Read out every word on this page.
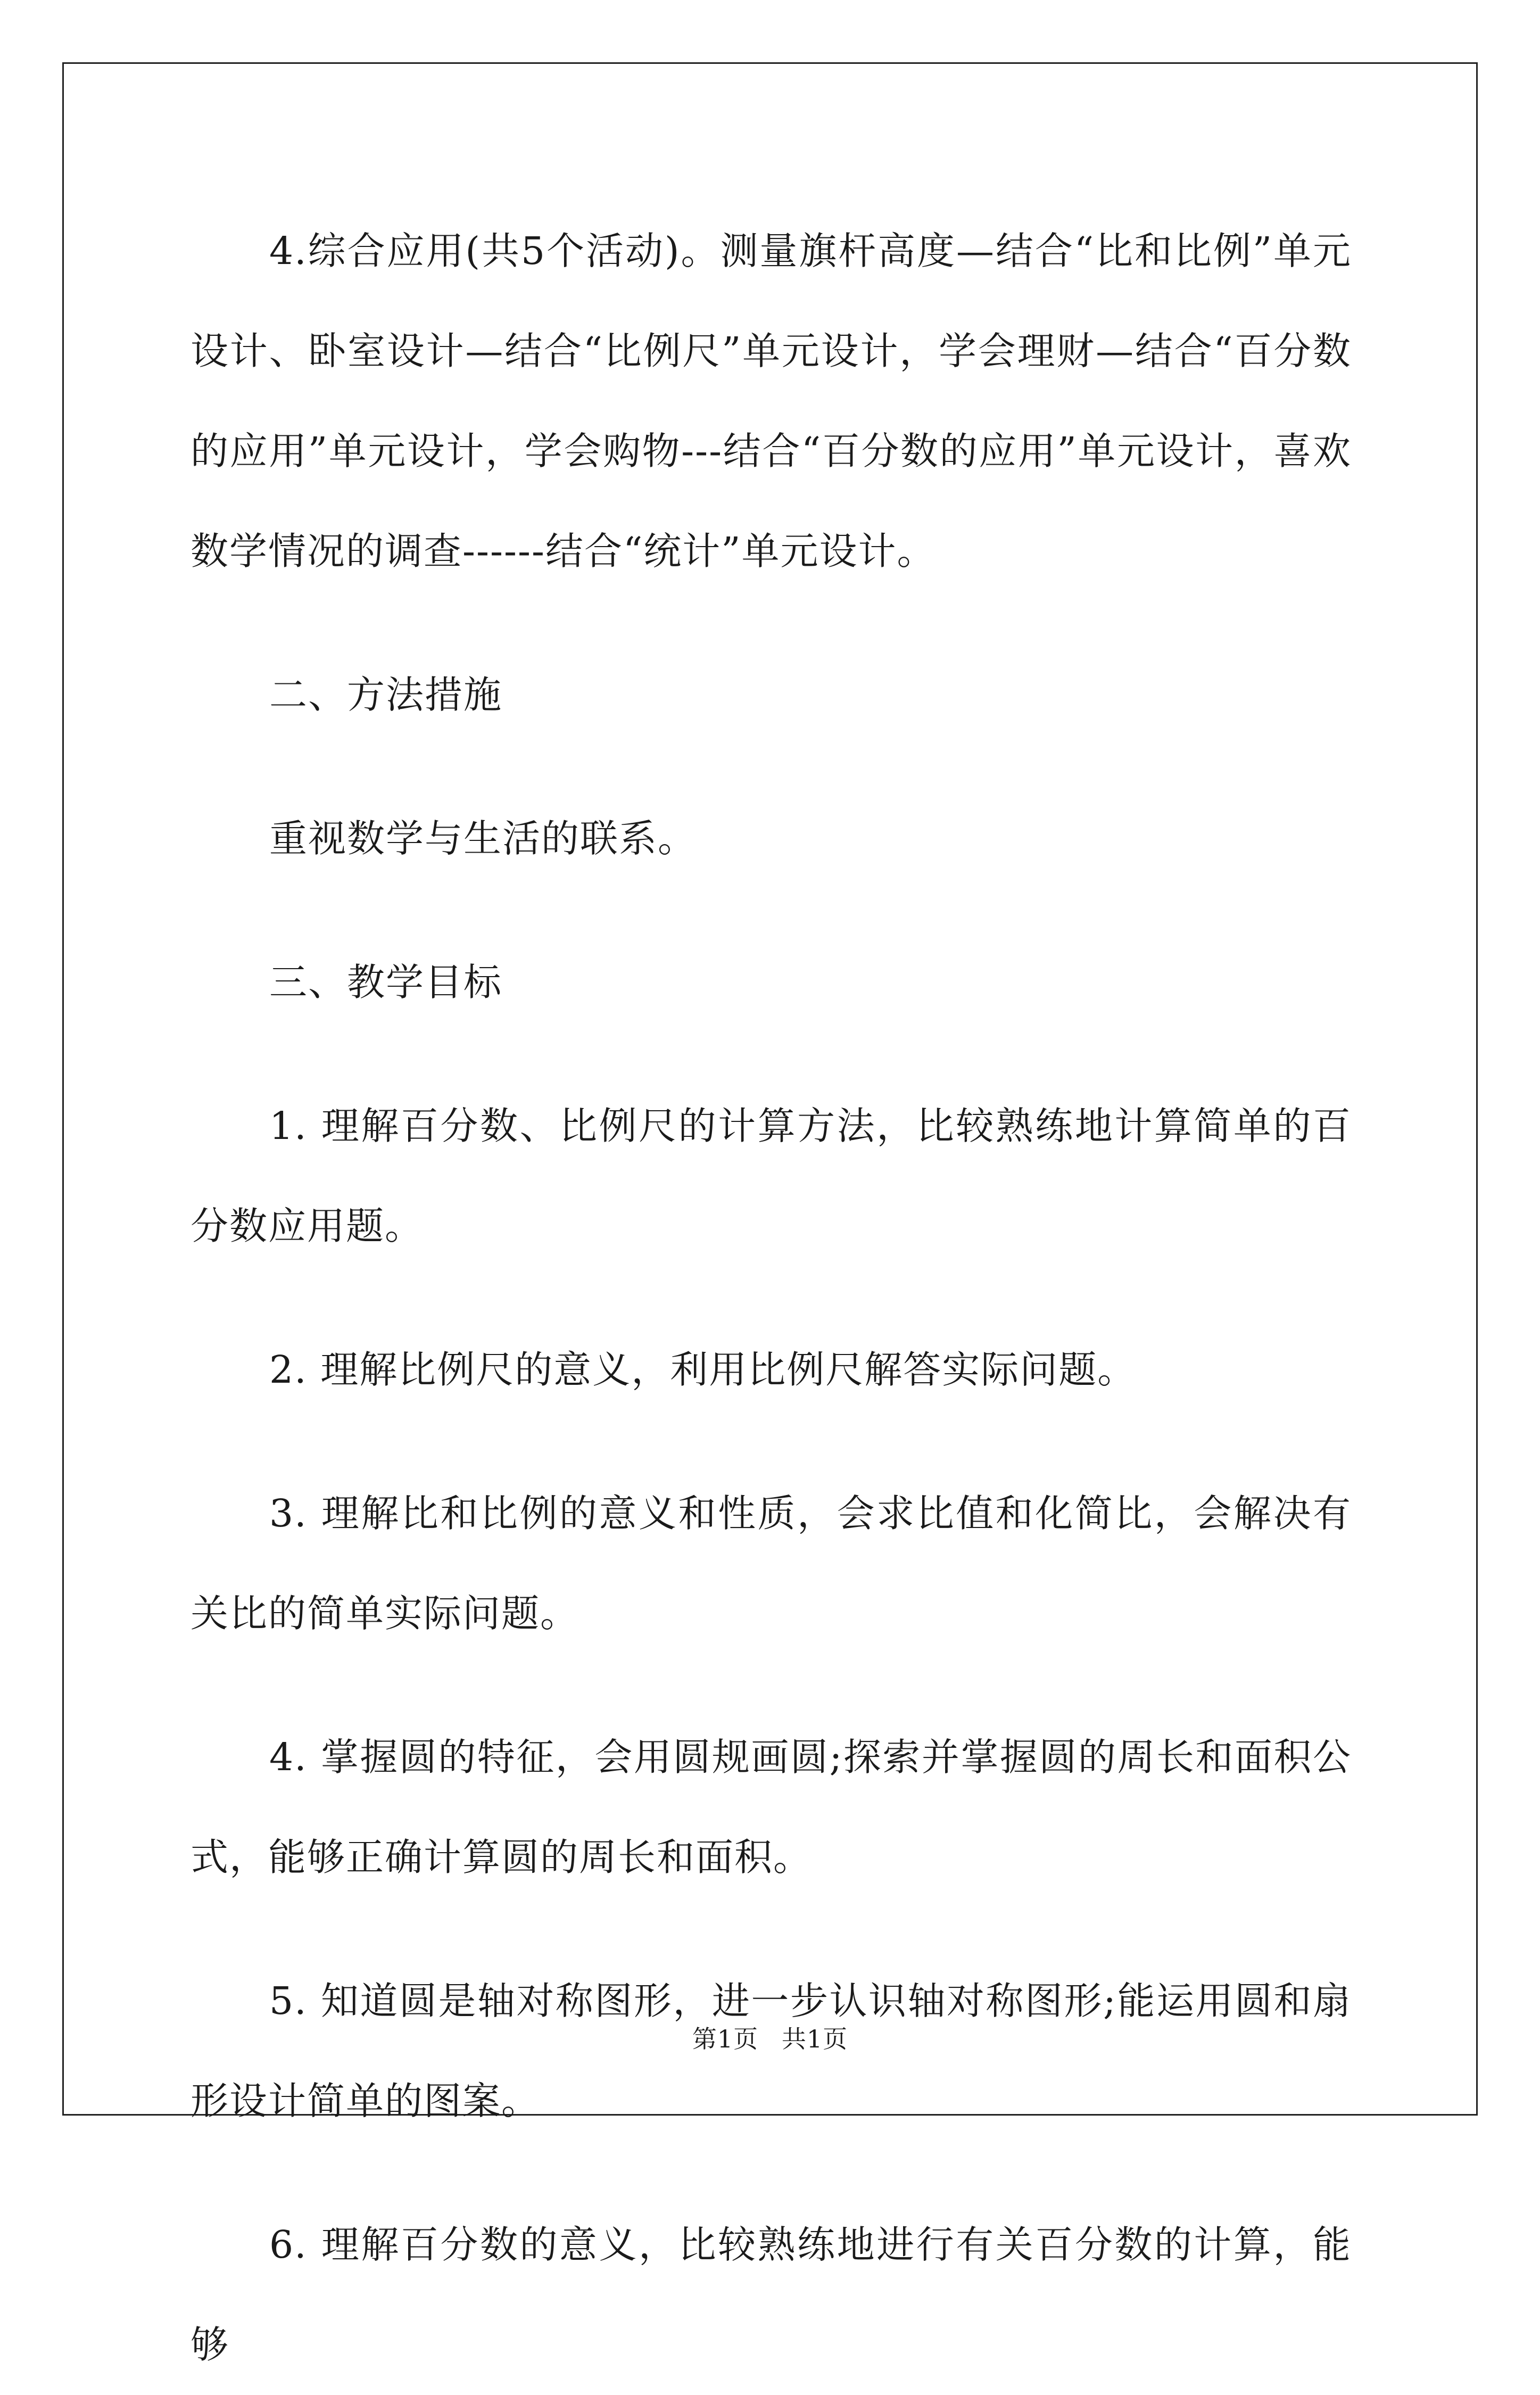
4.综合应用(共5个活动)。测量旗杆高度—结合“比和比例”单元设计、卧室设计—结合“比例尺”单元设计，学会理财—结合“百分数的应用”单元设计，学会购物---结合“百分数的应用”单元设计，喜欢数学情况的调查------结合“统计”单元设计。

二、方法措施

重视数学与生活的联系。

三、教学目标

1. 理解百分数、比例尺的计算方法，比较熟练地计算简单的百分数应用题。

2. 理解比例尺的意义，利用比例尺解答实际问题。

3. 理解比和比例的意义和性质，会求比值和化简比，会解决有关比的简单实际问题。

4. 掌握圆的特征，会用圆规画圆;探索并掌握圆的周长和面积公式，能够正确计算圆的周长和面积。

5. 知道圆是轴对称图形，进一步认识轴对称图形;能运用圆和扇形设计简单的图案。

6. 理解百分数的意义，比较熟练地进行有关百分数的计算，能够

第1页 共1页
